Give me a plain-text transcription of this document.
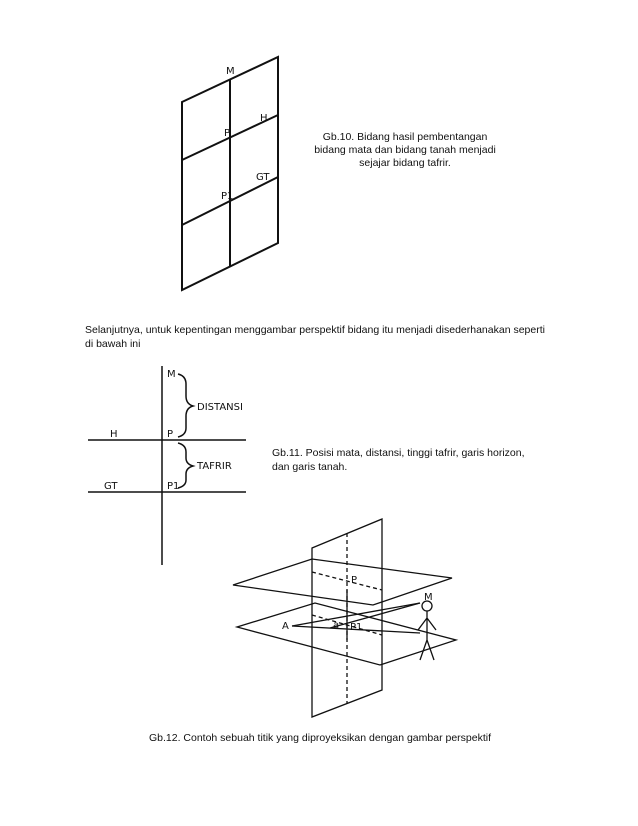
M
H
P
GT
P1
Gb.10. Bidang hasil pembentangan
bidang mata dan bidang tanah menjadi
sejajar bidang tafrir.
Selanjutnya, untuk kepentingan menggambar perspektif bidang itu menjadi disederhanakan seperti
di bawah ini
M
DISTANSI
H	P
TAFRIR
GT	P1
Gb.11. Posisi mata, distansi, tinggi tafrir, garis horizon,
dan garis tanah.
A	a
P
P1
M
Gb.12. Contoh sebuah titik yang diproyeksikan dengan gambar perspektif
